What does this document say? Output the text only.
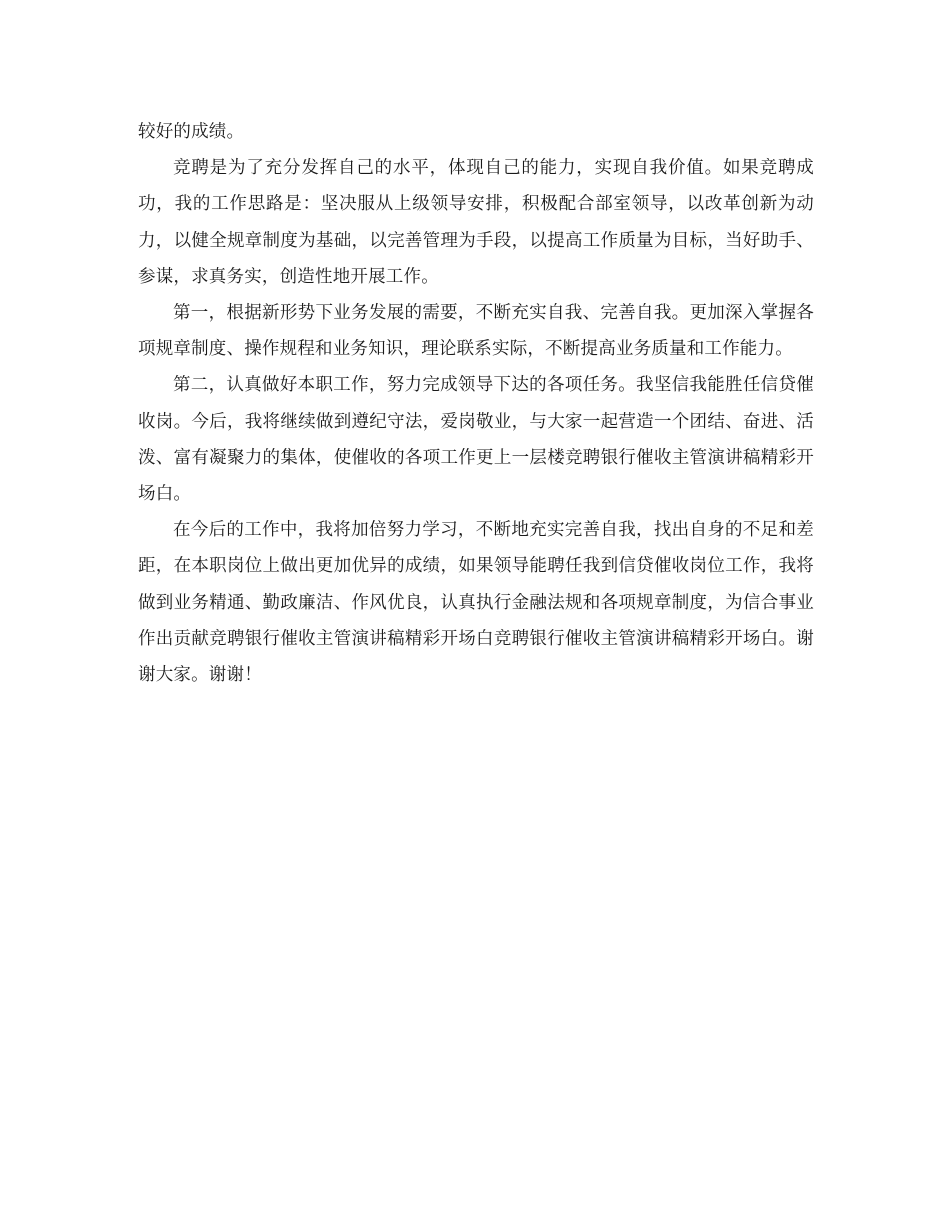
较好的成绩。

竞聘是为了充分发挥自己的水平，体现自己的能力，实现自我价值。如果竞聘成功，我的工作思路是：坚决服从上级领导安排，积极配合部室领导，以改革创新为动力，以健全规章制度为基础，以完善管理为手段，以提高工作质量为目标，当好助手、参谋，求真务实，创造性地开展工作。

第一，根据新形势下业务发展的需要，不断充实自我、完善自我。更加深入掌握各项规章制度、操作规程和业务知识，理论联系实际，不断提高业务质量和工作能力。

第二，认真做好本职工作，努力完成领导下达的各项任务。我坚信我能胜任信贷催收岗。今后，我将继续做到遵纪守法，爱岗敬业，与大家一起营造一个团结、奋进、活泼、富有凝聚力的集体，使催收的各项工作更上一层楼竞聘银行催收主管演讲稿精彩开场白。

在今后的工作中，我将加倍努力学习，不断地充实完善自我，找出自身的不足和差距，在本职岗位上做出更加优异的成绩，如果领导能聘任我到信贷催收岗位工作，我将做到业务精通、勤政廉洁、作风优良，认真执行金融法规和各项规章制度，为信合事业作出贡献竞聘银行催收主管演讲稿精彩开场白竞聘银行催收主管演讲稿精彩开场白。谢谢大家。谢谢！
